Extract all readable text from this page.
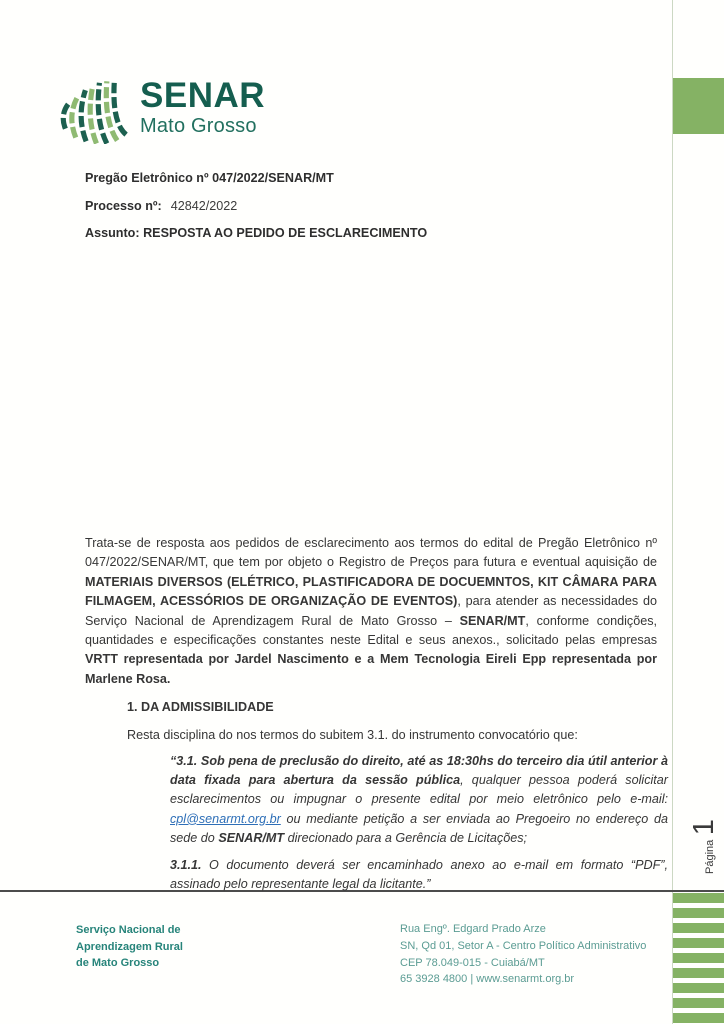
SENAR
Mato Grosso
Pregão Eletrônico nº 047/2022/SENAR/MT
Processo nº: 42842/2022
Assunto: RESPOSTA AO PEDIDO DE ESCLARECIMENTO

Trata-se de resposta aos pedidos de esclarecimento aos termos do edital de Pregão Eletrônico nº 047/2022/SENAR/MT, que tem por objeto o Registro de Preços para futura e eventual aquisição de MATERIAIS DIVERSOS (ELÉTRICO, PLASTIFICADORA DE DOCUEMNTOS, KIT CÂMARA PARA FILMAGEM, ACESSÓRIOS DE ORGANIZAÇÃO DE EVENTOS), para atender as necessidades do Serviço Nacional de Aprendizagem Rural de Mato Grosso – SENAR/MT, conforme condições, quantidades e especificações constantes neste Edital e seus anexos., solicitado pelas empresas VRTT representada por Jardel Nascimento e a Mem Tecnologia Eireli Epp representada por Marlene Rosa.

1. DA ADMISSIBILIDADE

Resta disciplina do nos termos do subitem 3.1. do instrumento convocatório que:

“3.1. Sob pena de preclusão do direito, até as 18:30hs do terceiro dia útil anterior à data fixada para abertura da sessão pública, qualquer pessoa poderá solicitar esclarecimentos ou impugnar o presente edital por meio eletrônico pelo e-mail: cpl@senarmt.org.br ou mediante petição a ser enviada ao Pregoeiro no endereço da sede do SENAR/MT direcionado para a Gerência de Licitações;

3.1.1. O documento deverá ser encaminhado anexo ao e-mail em formato “PDF”, assinado pelo representante legal da licitante.”

Página 1
Serviço Nacional de
Aprendizagem Rural
de Mato Grosso
Rua Engº. Edgard Prado Arze
SN, Qd 01, Setor A - Centro Político Administrativo
CEP 78.049-015 - Cuiabá/MT
65 3928 4800 | www.senarmt.org.br
